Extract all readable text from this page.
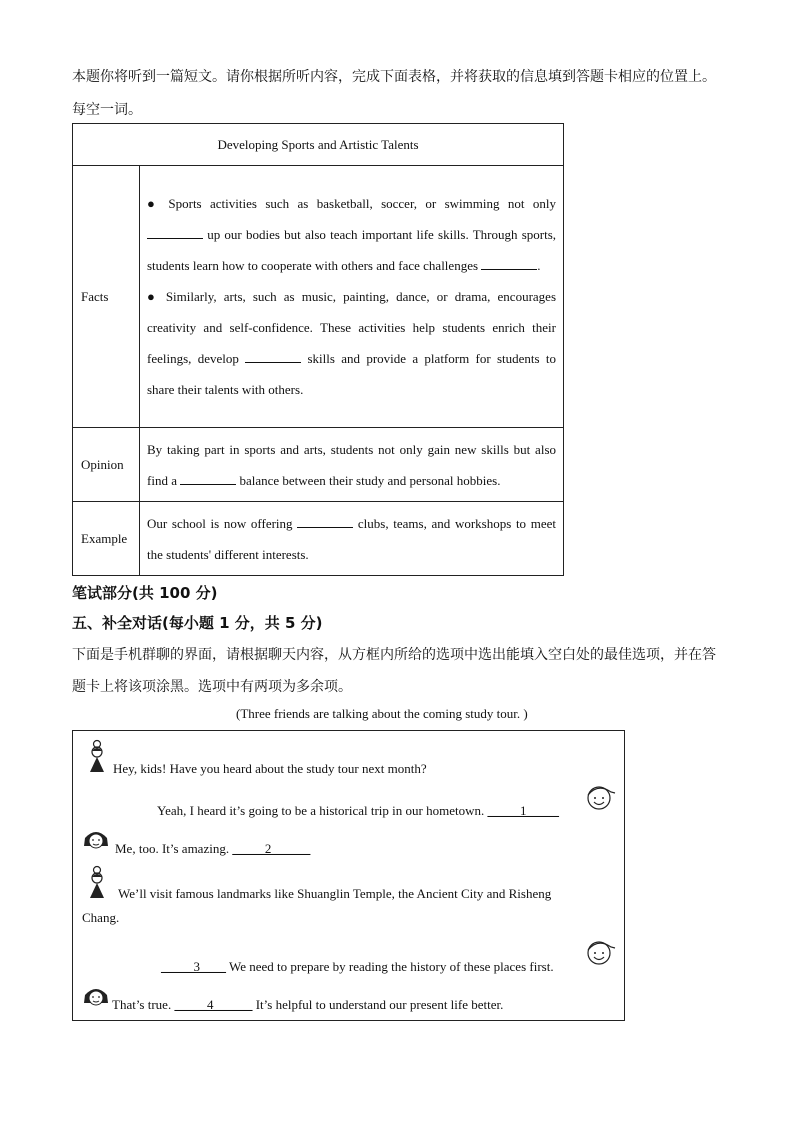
本题你将听到一篇短文。请你根据所听内容，完成下面表格，并将获取的信息填到答题卡相应的位置上。
每空一词。
Developing Sports and Artistic Talents	
Facts	● Sports activities such as basketball, soccer, or swimming not only  up our bodies but also teach important life skills. Through sports, students learn how to cooperate with others and face challenges .
● Similarly, arts, such as music, painting, dance, or drama, encourages creativity and self-confidence. These activities help students enrich their feelings, develop skills and provide a platform for students to share their talents with others.
Opinion	By taking part in sports and arts, students not only gain new skills but also find a balance between their study and personal hobbies.
Example	Our school is now offering clubs, teams, and workshops to meet the students' different interests.
笔试部分(共 100 分)
五、补全对话(每小题 1 分，共 5 分)
下面是手机群聊的界面，请根据聊天内容，从方框内所给的选项中选出能填入空白处的最佳选项，并在答
题卡上将该项涂黑。选项中有两项为多余项。
(Three friends are talking about the coming study tour. )
Hey, kids! Have you heard about the study tour next month?
Yeah, I heard it’s going to be a historical trip in our hometown. _____1_____
Me, too. It’s amazing. _____2______
We’ll visit famous landmarks like Shuanglin Temple, the Ancient City and Risheng
Chang.
_____3____ We need to prepare by reading the history of these places first.
That’s true. _____4______ It’s helpful to understand our present life better.
